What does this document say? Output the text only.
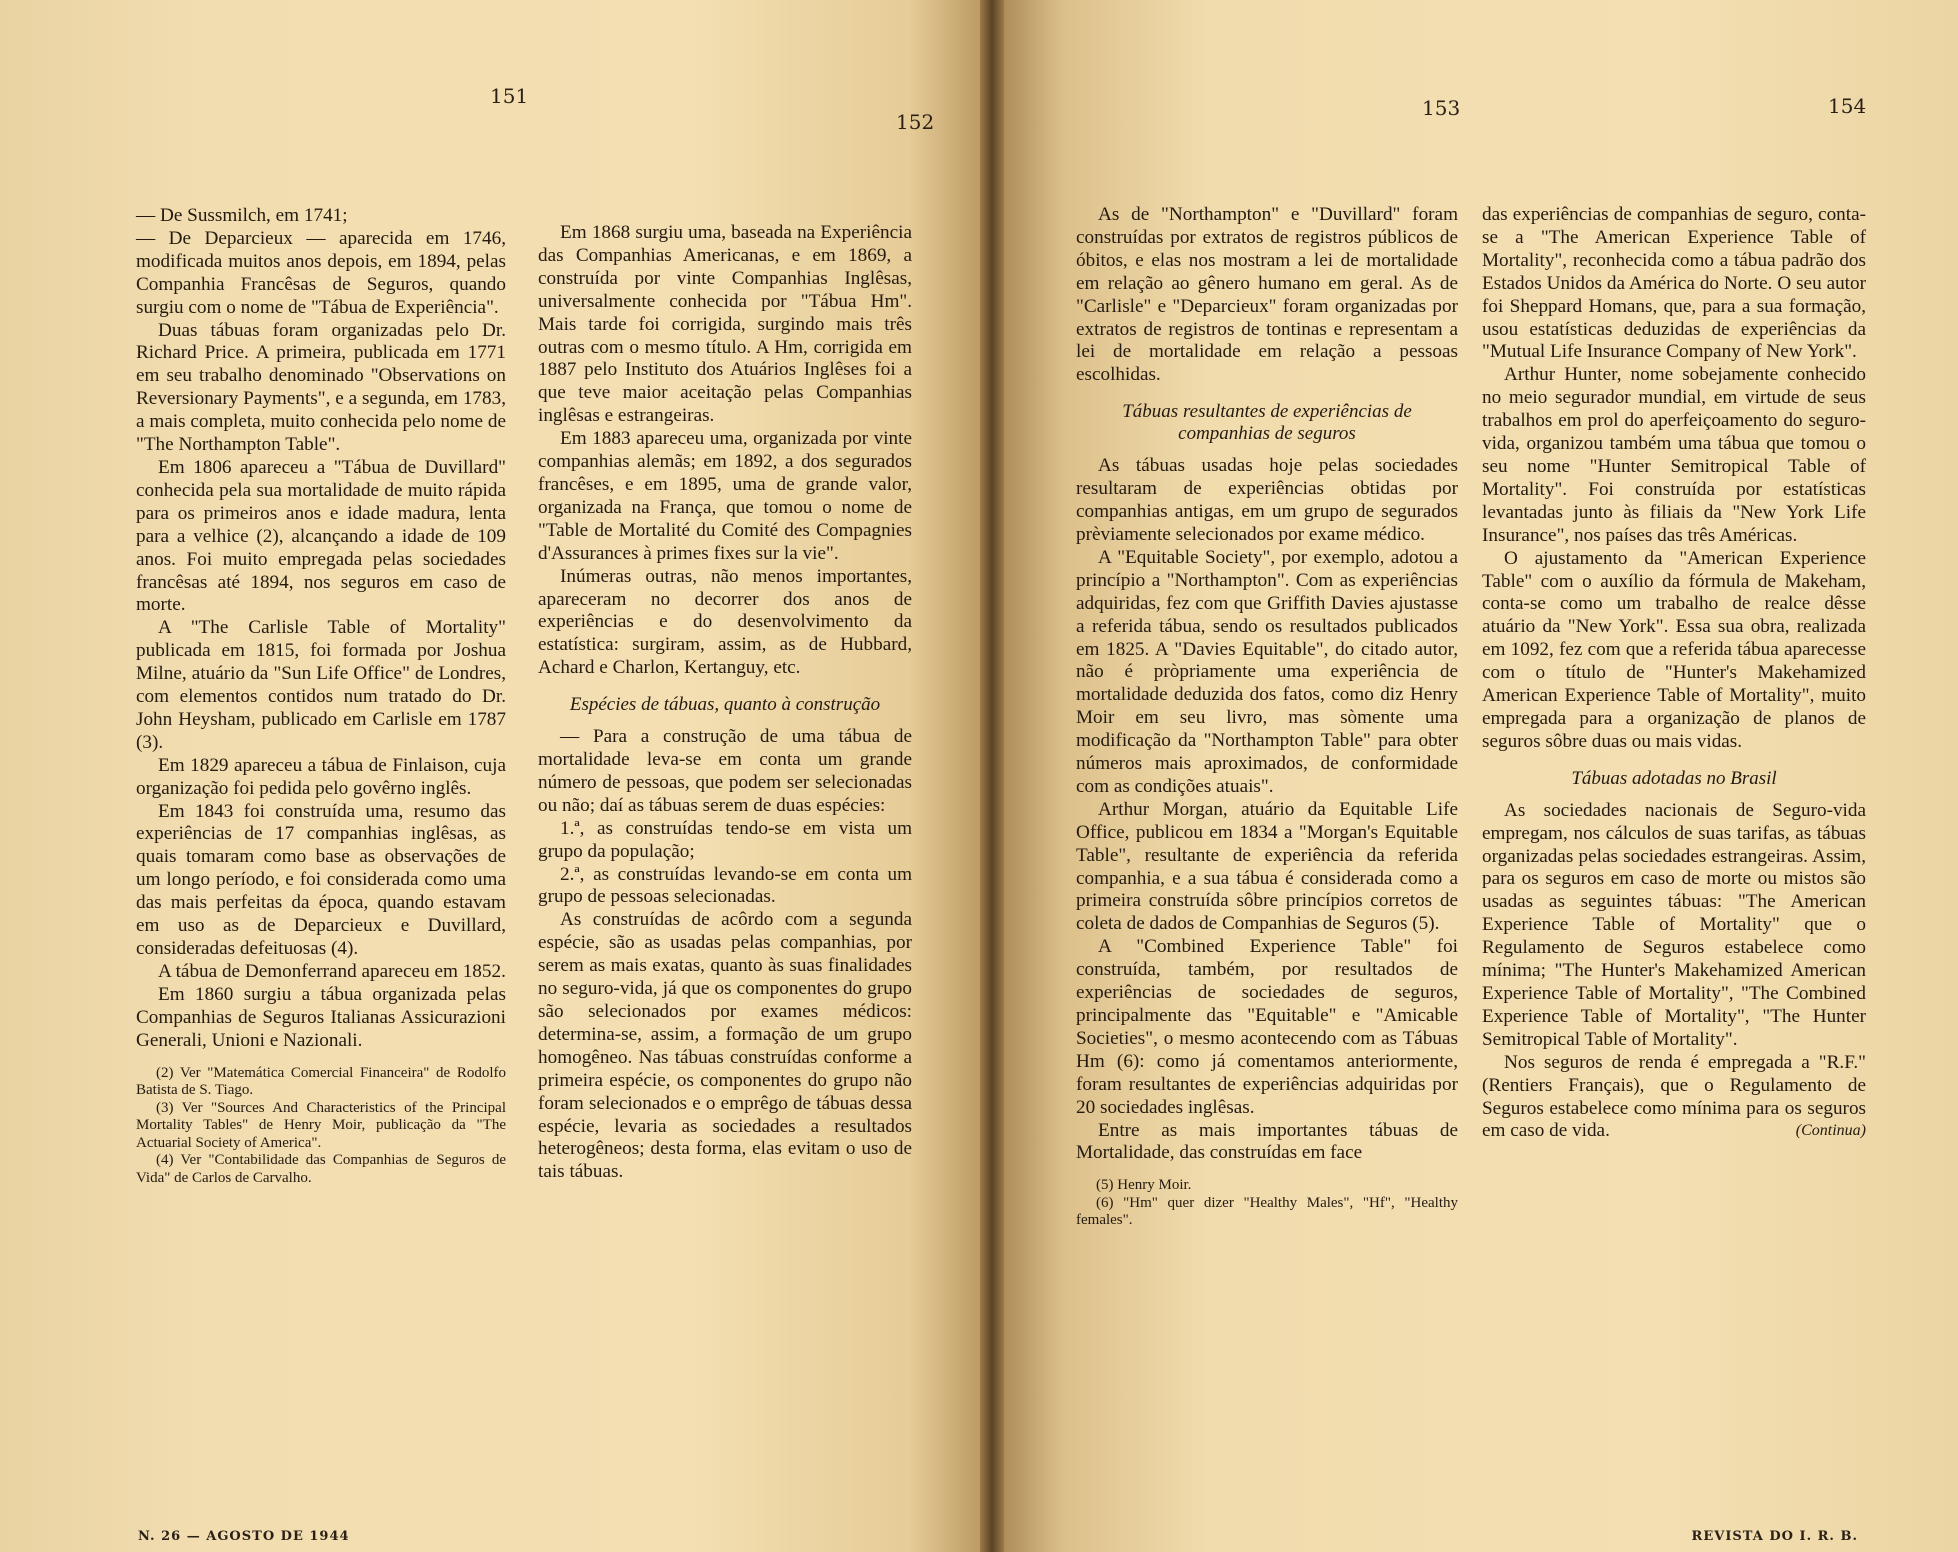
151
152
153	154

— De Sussmilch, em 1741;

— De Deparcieux — aparecida em 1746, modificada muitos anos depois, em 1894, pelas Companhia Francêsas de Seguros, quando surgiu com o nome de "Tábua de Experiência".

Duas tábuas foram organizadas pelo Dr. Richard Price. A primeira, publicada em 1771 em seu trabalho denominado "Observations on Reversionary Payments", e a segunda, em 1783, a mais completa, muito conhecida pelo nome de "The Northampton Table".

Em 1806 apareceu a "Tábua de Duvillard" conhecida pela sua mortalidade de muito rápida para os primeiros anos e idade madura, lenta para a velhice (2), alcançando a idade de 109 anos. Foi muito empregada pelas sociedades francêsas até 1894, nos seguros em caso de morte.

A "The Carlisle Table of Mortality" publicada em 1815, foi formada por Joshua Milne, atuário da "Sun Life Office" de Londres, com elementos contidos num tratado do Dr. John Heysham, publicado em Carlisle em 1787 (3).

Em 1829 apareceu a tábua de Finlaison, cuja organização foi pedida pelo govêrno inglês.

Em 1843 foi construída uma, resumo das experiências de 17 companhias inglêsas, as quais tomaram como base as observações de um longo período, e foi considerada como uma das mais perfeitas da época, quando estavam em uso as de Deparcieux e Duvillard, consideradas defeituosas (4).

A tábua de Demonferrand apareceu em 1852.

Em 1860 surgiu a tábua organizada pelas Companhias de Seguros Italianas Assicurazioni Generali, Unioni e Nazionali.

(2) Ver "Matemática Comercial Financeira" de Rodolfo Batista de S. Tiago.

(3) Ver "Sources And Characteristics of the Principal Mortality Tables" de Henry Moir, publicação da "The Actuarial Society of America".

(4) Ver "Contabilidade das Companhias de Seguros de Vida" de Carlos de Carvalho.

Em 1868 surgiu uma, baseada na Experiência das Companhias Americanas, e em 1869, a construída por vinte Companhias Inglêsas, universalmente conhecida por "Tábua Hm". Mais tarde foi corrigida, surgindo mais três outras com o mesmo título. A Hm, corrigida em 1887 pelo Instituto dos Atuários Inglêses foi a que teve maior aceitação pelas Companhias inglêsas e estrangeiras.

Em 1883 apareceu uma, organizada por vinte companhias alemãs; em 1892, a dos segurados francêses, e em 1895, uma de grande valor, organizada na França, que tomou o nome de "Table de Mortalité du Comité des Compagnies d'Assurances à primes fixes sur la vie".

Inúmeras outras, não menos importantes, apareceram no decorrer dos anos de experiências e do desenvolvimento da estatística: surgiram, assim, as de Hubbard, Achard e Charlon, Kertanguy, etc.

Espécies de tábuas, quanto à construção

— Para a construção de uma tábua de mortalidade leva-se em conta um grande número de pessoas, que podem ser selecionadas ou não; daí as tábuas serem de duas espécies:

1.ª, as construídas tendo-se em vista um grupo da população;

2.ª, as construídas levando-se em conta um grupo de pessoas selecionadas.

As construídas de acôrdo com a segunda espécie, são as usadas pelas companhias, por serem as mais exatas, quanto às suas finalidades no seguro-vida, já que os componentes do grupo são selecionados por exames médicos: determina-se, assim, a formação de um grupo homogêneo. Nas tábuas construídas conforme a primeira espécie, os componentes do grupo não foram selecionados e o emprêgo de tábuas dessa espécie, levaria as sociedades a resultados heterogêneos; desta forma, elas evitam o uso de tais tábuas.

As de "Northampton" e "Duvillard" foram construídas por extratos de registros públicos de óbitos, e elas nos mostram a lei de mortalidade em relação ao gênero humano em geral. As de "Carlisle" e "Deparcieux" foram organizadas por extratos de registros de tontinas e representam a lei de mortalidade em relação a pessoas escolhidas.

Tábuas resultantes de experiências de companhias de seguros

As tábuas usadas hoje pelas sociedades resultaram de experiências obtidas por companhias antigas, em um grupo de segurados prèviamente selecionados por exame médico.

A "Equitable Society", por exemplo, adotou a princípio a "Northampton". Com as experiências adquiridas, fez com que Griffith Davies ajustasse a referida tábua, sendo os resultados publicados em 1825. A "Davies Equitable", do citado autor, não é pròpriamente uma experiência de mortalidade deduzida dos fatos, como diz Henry Moir em seu livro, mas sòmente uma modificação da "Northampton Table" para obter números mais aproximados, de conformidade com as condições atuais".

Arthur Morgan, atuário da Equitable Life Office, publicou em 1834 a "Morgan's Equitable Table", resultante de experiência da referida companhia, e a sua tábua é considerada como a primeira construída sôbre princípios corretos de coleta de dados de Companhias de Seguros (5).

A "Combined Experience Table" foi construída, também, por resultados de experiências de sociedades de seguros, principalmente das "Equitable" e "Amicable Societies", o mesmo acontecendo com as Tábuas Hm (6): como já comentamos anteriormente, foram resultantes de experiências adquiridas por 20 sociedades inglêsas.

Entre as mais importantes tábuas de Mortalidade, das construídas em face

(5) Henry Moir.

(6) "Hm" quer dizer "Healthy Males", "Hf", "Healthy females".

das experiências de companhias de seguro, conta-se a "The American Experience Table of Mortality", reconhecida como a tábua padrão dos Estados Unidos da América do Norte. O seu autor foi Sheppard Homans, que, para a sua formação, usou estatísticas deduzidas de experiências da "Mutual Life Insurance Company of New York".

Arthur Hunter, nome sobejamente conhecido no meio segurador mundial, em virtude de seus trabalhos em prol do aperfeiçoamento do seguro-vida, organizou também uma tábua que tomou o seu nome "Hunter Semitropical Table of Mortality". Foi construída por estatísticas levantadas junto às filiais da "New York Life Insurance", nos países das três Américas.

O ajustamento da "American Experience Table" com o auxílio da fórmula de Makeham, conta-se como um trabalho de realce dêsse atuário da "New York". Essa sua obra, realizada em 1092, fez com que a referida tábua aparecesse com o título de "Hunter's Makehamized American Experience Table of Mortality", muito empregada para a organização de planos de seguros sôbre duas ou mais vidas.

Tábuas adotadas no Brasil

As sociedades nacionais de Seguro-vida empregam, nos cálculos de suas tarifas, as tábuas organizadas pelas sociedades estrangeiras. Assim, para os seguros em caso de morte ou mistos são usadas as seguintes tábuas: "The American Experience Table of Mortality" que o Regulamento de Seguros estabelece como mínima; "The Hunter's Makehamized American Experience Table of Mortality", "The Combined Experience Table of Mortality", "The Hunter Semitropical Table of Mortality".

Nos seguros de renda é empregada a "R.F." (Rentiers Français), que o Regulamento de Seguros estabelece como mínima para os seguros em caso de vida.	(Continua)

N. 26 — AGOSTO DE 1944	REVISTA DO I. R. B.
